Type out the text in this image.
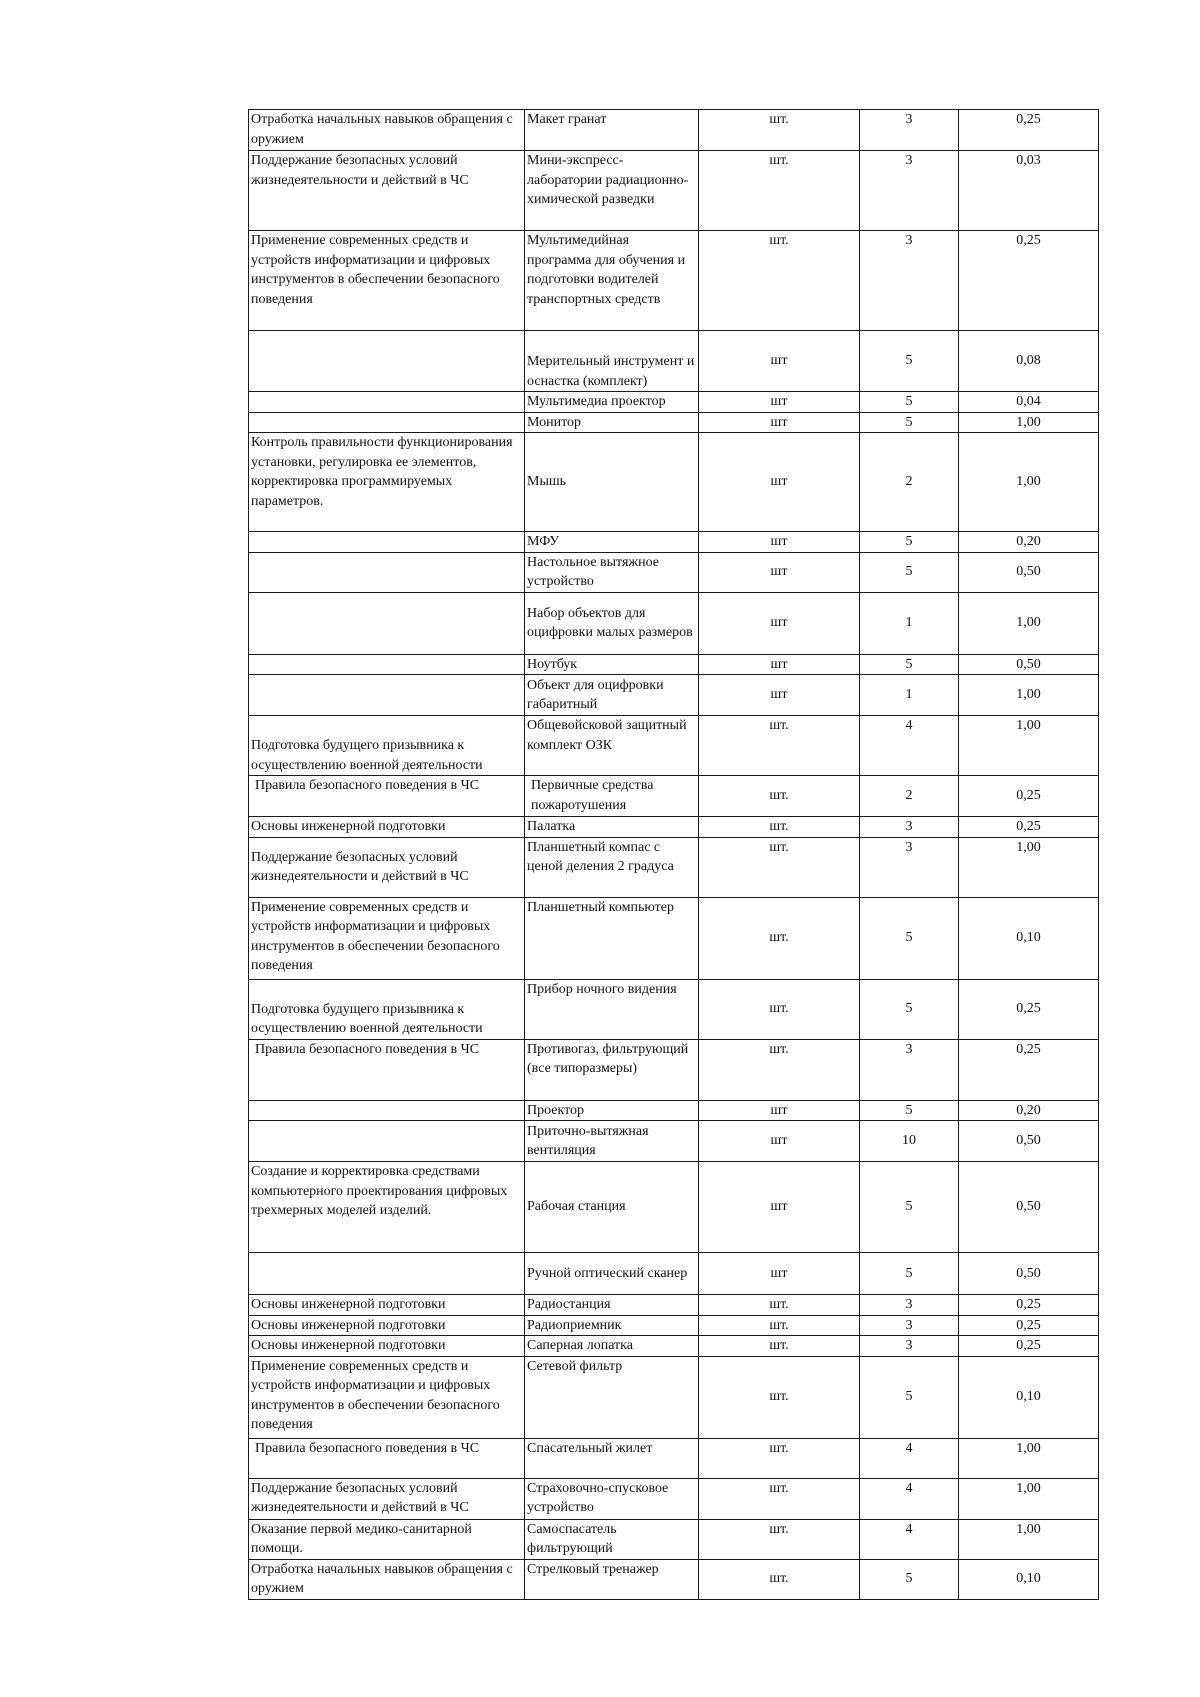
Отработка начальных навыков обращения с оружием	Макет гранат	шт.	3	0,25
Поддержание безопасных условий жизнедеятельности и действий в ЧС	Мини-экспресс-лаборатории радиационно-химической разведки	шт.	3	0,03
Применение современных средств и устройств информатизации и цифровых инструментов в обеспечении безопасного поведения	Мультимедийная программа для обучения и подготовки водителей транспортных средств	шт.	3	0,25
	Мерительный инструмент и оснастка (комплект)	шт	5	0,08
	Мультимедиа проектор	шт	5	0,04
	Монитор	шт	5	1,00
Контроль правильности функционирования установки, регулировка ее элементов, корректировка программируемых параметров.	Мышь	шт	2	1,00
	МФУ	шт	5	0,20
	Настольное вытяжное устройство	шт	5	0,50
	Набор объектов для оцифровки малых размеров	шт	1	1,00
	Ноутбук	шт	5	0,50
	Объект для оцифровки габаритный	шт	1	1,00
Подготовка будущего призывника к осуществлению военной деятельности	Общевойсковой защитный комплект ОЗК	шт.	4	1,00
Правила безопасного поведения в ЧС	Первичные средства пожаротушения	шт.	2	0,25
Основы инженерной подготовки	Палатка	шт.	3	0,25
Поддержание безопасных условий жизнедеятельности и действий в ЧС	Планшетный компас с ценой деления 2 градуса	шт.	3	1,00
Применение современных средств и устройств информатизации и цифровых инструментов в обеспечении безопасного поведения	Планшетный компьютер	шт.	5	0,10
Подготовка будущего призывника к осуществлению военной деятельности	Прибор ночного видения	шт.	5	0,25
Правила безопасного поведения в ЧС	Противогаз, фильтрующий (все типоразмеры)	шт.	3	0,25
	Проектор	шт	5	0,20
	Приточно-вытяжная вентиляция	шт	10	0,50
Создание и корректировка средствами компьютерного проектирования цифровых трехмерных моделей изделий.	Рабочая станция	шт	5	0,50
	Ручной оптический сканер	шт	5	0,50
Основы инженерной подготовки	Радиостанция	шт.	3	0,25
Основы инженерной подготовки	Радиоприемник	шт.	3	0,25
Основы инженерной подготовки	Саперная лопатка	шт.	3	0,25
Применение современных средств и устройств информатизации и цифровых инструментов в обеспечении безопасного поведения	Сетевой фильтр	шт.	5	0,10
Правила безопасного поведения в ЧС	Спасательный жилет	шт.	4	1,00
Поддержание безопасных условий жизнедеятельности и действий в ЧС	Страховочно-спусковое устройство	шт.	4	1,00
Оказание первой медико-санитарной помощи.	Самоспасатель фильтрующий	шт.	4	1,00
Отработка начальных навыков обращения с оружием	Стрелковый тренажер	шт.	5	0,10
